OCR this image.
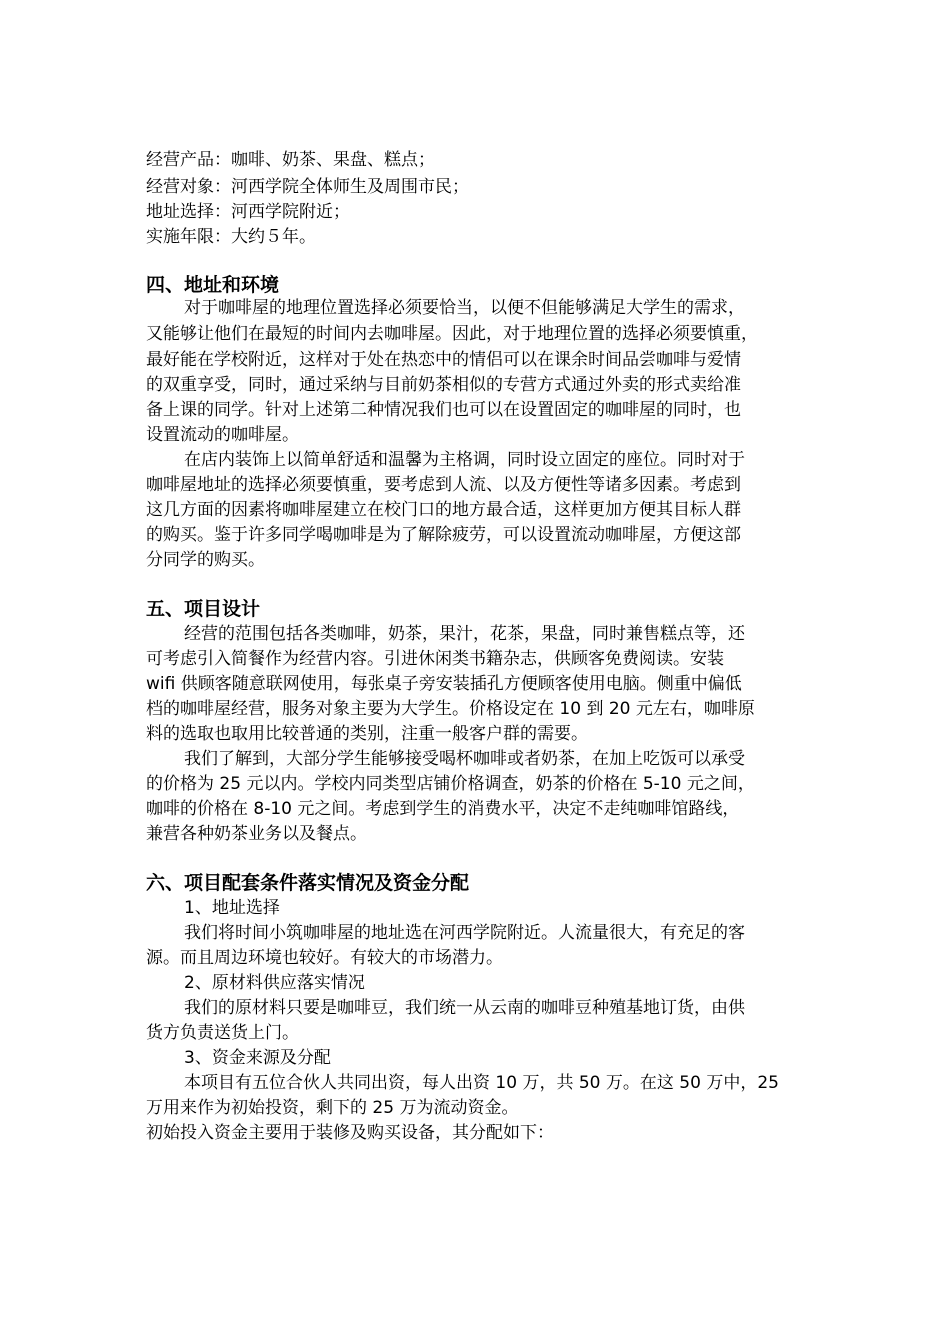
经营产品：咖啡、奶茶、果盘、糕点；
经营对象：河西学院全体师生及周围市民；
地址选择：河西学院附近；
实施年限：大约５年。
四、地址和环境
对于咖啡屋的地理位置选择必须要恰当，以便不但能够满足大学生的需求，
又能够让他们在最短的时间内去咖啡屋。因此，对于地理位置的选择必须要慎重，
最好能在学校附近，这样对于处在热恋中的情侣可以在课余时间品尝咖啡与爱情
的双重享受，同时，通过采纳与目前奶茶相似的专营方式通过外卖的形式卖给准
备上课的同学。针对上述第二种情况我们也可以在设置固定的咖啡屋的同时，也
设置流动的咖啡屋。
在店内装饰上以简单舒适和温馨为主格调，同时设立固定的座位。同时对于
咖啡屋地址的选择必须要慎重，要考虑到人流、以及方便性等诸多因素。考虑到
这几方面的因素将咖啡屋建立在校门口的地方最合适，这样更加方便其目标人群
的购买。鉴于许多同学喝咖啡是为了解除疲劳，可以设置流动咖啡屋，方便这部
分同学的购买。
五、项目设计
经营的范围包括各类咖啡，奶茶，果汁，花茶，果盘，同时兼售糕点等，还
可考虑引入简餐作为经营内容。引进休闲类书籍杂志，供顾客免费阅读。安装
wifi 供顾客随意联网使用，每张桌子旁安装插孔方便顾客使用电脑。侧重中偏低
档的咖啡屋经营，服务对象主要为大学生。价格设定在 10 到 20 元左右，咖啡原
料的选取也取用比较普通的类别，注重一般客户群的需要。
我们了解到，大部分学生能够接受喝杯咖啡或者奶茶，在加上吃饭可以承受
的价格为 25 元以内。学校内同类型店铺价格调查，奶茶的价格在 5-10 元之间，
咖啡的价格在 8-10 元之间。考虑到学生的消费水平，决定不走纯咖啡馆路线，
兼营各种奶茶业务以及餐点。
六、项目配套条件落实情况及资金分配
1、地址选择
我们将时间小筑咖啡屋的地址选在河西学院附近。人流量很大，有充足的客
源。而且周边环境也较好。有较大的市场潜力。
2、原材料供应落实情况
我们的原材料只要是咖啡豆，我们统一从云南的咖啡豆种殖基地订货，由供
货方负责送货上门。
3、资金来源及分配
本项目有五位合伙人共同出资，每人出资 10 万，共 50 万。在这 50 万中，25
万用来作为初始投资，剩下的 25 万为流动资金。
初始投入资金主要用于装修及购买设备，其分配如下：
